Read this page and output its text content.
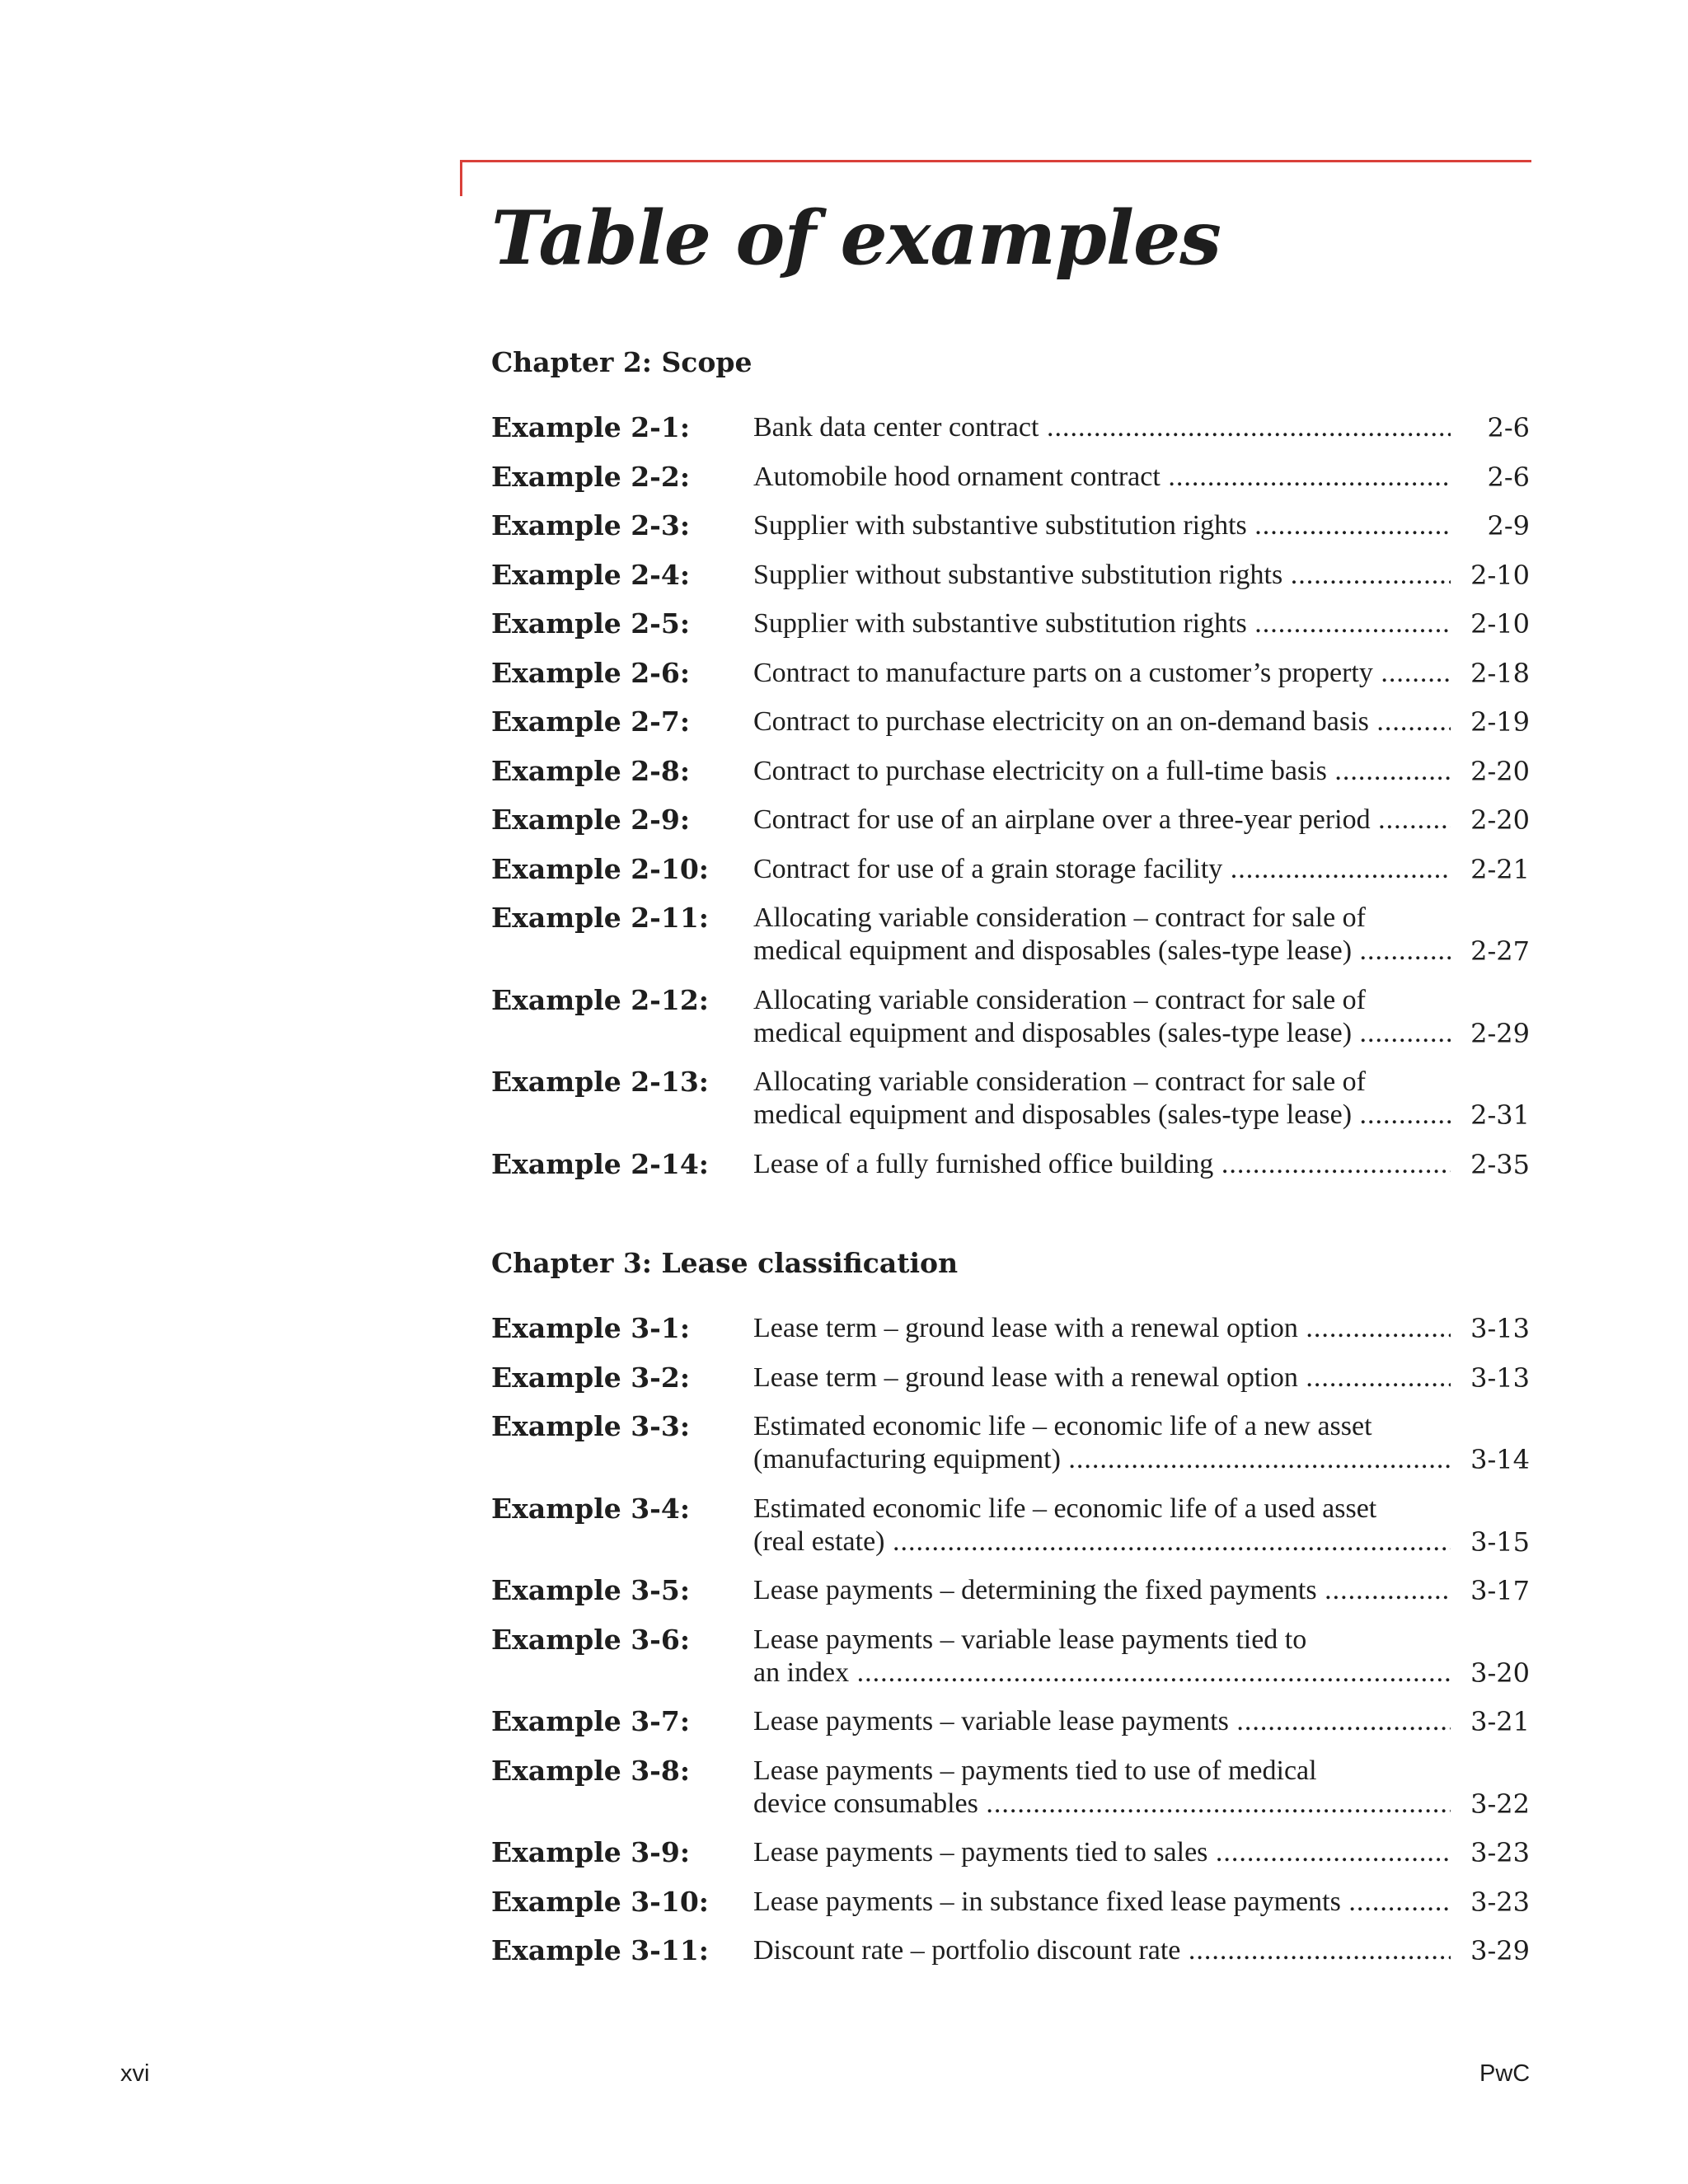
Table of examples
Chapter 2: Scope
Example 2-1: Bank data center contract .....	2-6
Example 2-2: Automobile hood ornament contract .....	2-6
Example 2-3: Supplier with substantive substitution rights .....	2-9
Example 2-4: Supplier without substantive substitution rights .....	2-10
Example 2-5: Supplier with substantive substitution rights .....	2-10
Example 2-6: Contract to manufacture parts on a customer’s property .....	2-18
Example 2-7: Contract to purchase electricity on an on-demand basis .....	2-19
Example 2-8: Contract to purchase electricity on a full-time basis .....	2-20
Example 2-9: Contract for use of an airplane over a three-year period .....	2-20
Example 2-10: Contract for use of a grain storage facility .....	2-21
Example 2-11: Allocating variable consideration – contract for sale of
medical equipment and disposables (sales-type lease) .....	2-27
Example 2-12: Allocating variable consideration – contract for sale of
medical equipment and disposables (sales-type lease) .....	2-29
Example 2-13: Allocating variable consideration – contract for sale of
medical equipment and disposables (sales-type lease) .....	2-31
Example 2-14: Lease of a fully furnished office building .....	2-35
Chapter 3: Lease classification
Example 3-1: Lease term – ground lease with a renewal option .....	3-13
Example 3-2: Lease term – ground lease with a renewal option .....	3-13
Example 3-3: Estimated economic life – economic life of a new asset
(manufacturing equipment) .....	3-14
Example 3-4: Estimated economic life – economic life of a used asset
(real estate) .....	3-15
Example 3-5: Lease payments – determining the fixed payments .....	3-17
Example 3-6: Lease payments – variable lease payments tied to
an index .....	3-20
Example 3-7: Lease payments – variable lease payments .....	3-21
Example 3-8: Lease payments – payments tied to use of medical
device consumables .....	3-22
Example 3-9: Lease payments – payments tied to sales .....	3-23
Example 3-10: Lease payments – in substance fixed lease payments .....	3-23
Example 3-11: Discount rate – portfolio discount rate .....	3-29
xvi	PwC
